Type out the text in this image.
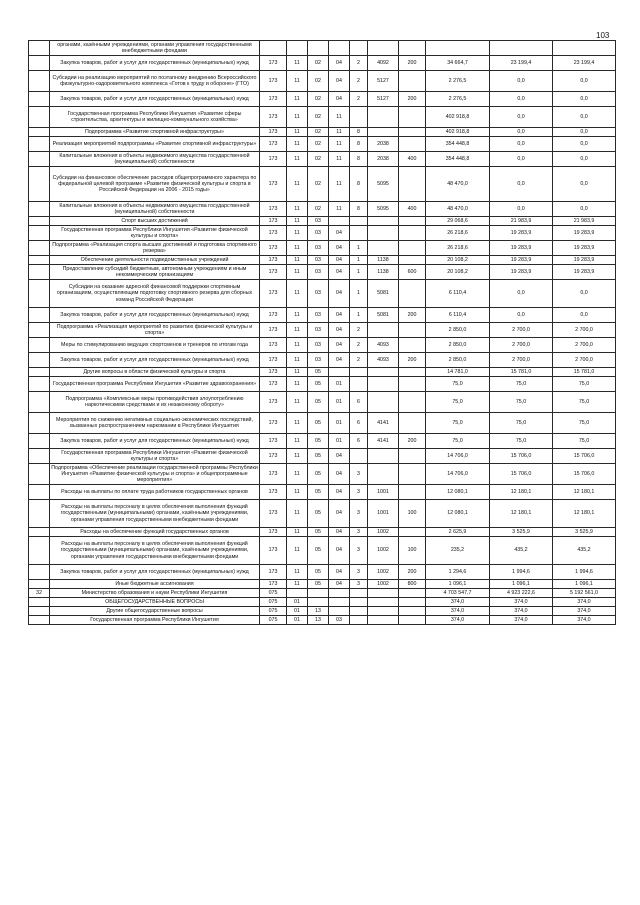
103
	органами, казёнными учреждениями, органами управления государственными внебюджетными фондами										
	Закупка товаров, работ и услуг для государственных (муниципальных) нужд	173	11	02	04	2	4092	200	34 664,7	23 199,4	23 199,4
	Субсидии на реализацию мероприятий по поэтапному внедрению Всероссийского физкультурно-оздоровительного комплекса «Готов к труду и обороне» (ГТО)	173	11	02	04	2	5127		2 276,5	0,0	0,0
	Закупка товаров, работ и услуг для государственных (муниципальных) нужд	173	11	02	04	2	5127	200	2 276,5	0,0	0,0
	Государственная программа Республики Ингушетия «Развитие сферы строительства, архитектуры и жилищно-коммунального хозяйства»	173	11	02	11				402 918,8	0,0	0,0
	Подпрограмма «Развитие спортивной инфраструктуры»	173	11	02	11	8			402 918,8	0,0	0,0
	Реализация мероприятий подпрограммы «Развитие спортивной инфраструктуры»	173	11	02	11	8	2038		354 448,8	0,0	0,0
	Капитальные вложения в объекты недвижимого имущества государственной (муниципальной) собственности	173	11	02	11	8	2038	400	354 448,8	0,0	0,0
	Субсидии на финансовое обеспечение расходов общепрограммного характера по федеральной целевой программе «Развитие физической культуры и спорта в Российской Федерации на 2006 - 2015 годы»	173	11	02	11	8	5095		48 470,0	0,0	0,0
	Капитальные вложения в объекты недвижимого имущества государственной (муниципальной) собственности	173	11	02	11	8	5095	400	48 470,0	0,0	0,0
	Спорт высших достижений	173	11	03					29 068,6	21 983,9	21 983,9
	Государственная программа Республики Ингушетия «Развитие физической культуры и спорта»	173	11	03	04				26 218,6	19 283,9	19 283,9
	Подпрограмма «Реализация спорта высших достижений и подготовка спортивного резерва»	173	11	03	04	1			26 218,6	19 283,9	19 283,9
	Обеспечение деятельности подведомственных учреждений	173	11	03	04	1	1138		20 108,2	19 283,9	19 283,9
	Предоставление субсидий бюджетным, автономным учреждениям и иным некоммерческим организациям	173	11	03	04	1	1138	600	20 108,2	19 283,9	19 283,9
	Субсидии на оказание адресной финансовой поддержки спортивным организациям, осуществляющим подготовку спортивного резерва для сборных команд Российской Федерации	173	11	03	04	1	5081		6 110,4	0,0	0,0
	Закупка товаров, работ и услуг для государственных (муниципальных) нужд	173	11	03	04	1	5081	200	6 110,4	0,0	0,0
	Подпрограмма «Реализация мероприятий по развитию физической культуры и спорта»	173	11	03	04	2			2 850,0	2 700,0	2 700,0
	Меры по стимулированию ведущих спортсменов и тренеров по итогам года	173	11	03	04	2	4093		2 850,0	2 700,0	2 700,0
	Закупка товаров, работ и услуг для государственных (муниципальных) нужд	173	11	03	04	2	4093	200	2 850,0	2 700,0	2 700,0
	Другие вопросы в области физической культуры и спорта	173	11	05					14 781,0	15 781,0	15 781,0
	Государственная программа Республики Ингушетия «Развитие здравоохранения»	173	11	05	01				75,0	75,0	75,0
	Подпрограмма «Комплексные меры противодействия злоупотреблению наркотическими средствами и их незаконному обороту»	173	11	05	01	6			75,0	75,0	75,0
	Мероприятия по снижению негативных социально-экономических последствий, вызванных распространением наркомании в Республике Ингушетия	173	11	05	01	6	4141		75,0	75,0	75,0
	Закупка товаров, работ и услуг для государственных (муниципальных) нужд	173	11	05	01	6	4141	200	75,0	75,0	75,0
	Государственная программа Республики Ингушетия «Развитие физической культуры и спорта»	173	11	05	04				14 706,0	15 706,0	15 706,0
	Подпрограмма «Обеспечение реализации государственной программы Республики Ингушетия «Развитие физической культуры и спорта» и общепрограммные мероприятия»	173	11	05	04	3			14 706,0	15 706,0	15 706,0
	Расходы на выплаты по оплате труда работников государственных органов	173	11	05	04	3	1001		12 080,1	12 180,1	12 180,1
	Расходы на выплаты персоналу в целях обеспечения выполнения функций государственными (муниципальными) органами, казёнными учреждениями, органами управления государственными внебюджетными фондами	173	11	05	04	3	1001	100	12 080,1	12 180,1	12 180,1
	Расходы на обеспечение функций государственных органов	173	11	05	04	3	1002		2 625,9	3 525,9	3 525,9
	Расходы на выплаты персоналу в целях обеспечения выполнения функций государственными (муниципальными) органами, казёнными учреждениями, органами управления государственными внебюджетными фондами	173	11	05	04	3	1002	100	235,2	435,2	435,2
	Закупка товаров, работ и услуг для государственных (муниципальных) нужд	173	11	05	04	3	1002	200	1 294,6	1 994,6	1 994,6
	Иные бюджетные ассигнования	173	11	05	04	3	1002	800	1 096,1	1 096,1	1 096,1
32	Министерство образования и науки Республики Ингушетия	075							4 703 547,7	4 923 222,6	5 192 561,0
	ОБЩЕГОСУДАРСТВЕННЫЕ ВОПРОСЫ	075	01						374,0	374,0	374,0
	Другие общегосударственные вопросы	075	01	13					374,0	374,0	374,0
	Государственная программа Республики Ингушетия	075	01	13	03				374,0	374,0	374,0
